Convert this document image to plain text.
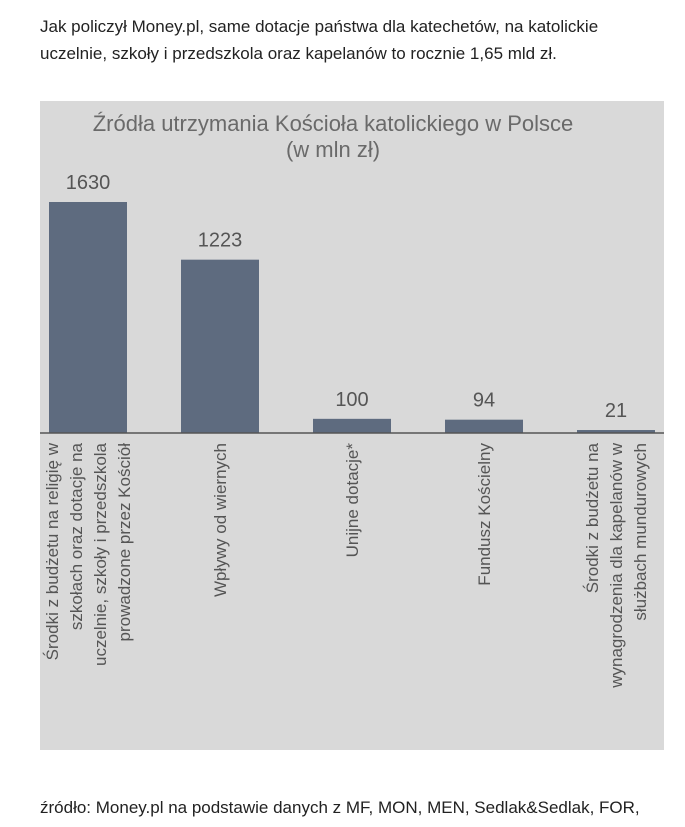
Jak policzył Money.pl, same dotacje państwa dla katechetów, na katolickie uczelnie, szkoły i przedszkola oraz kapelanów to rocznie 1,65 mld zł.

Źródła utrzymania Kościoła katolickiego w Polsce
(w mln zł)
1630
Środki z budżetu na religię w szkołach oraz dotacje na uczelnie, szkoły i przedszkola prowadzone przez Kościół
1223
Wpływy od wiernych
100
Unijne dotacje*
94
Fundusz Kościelny
21
Środki z budżetu na wynagrodzenia dla kapelanów w służbach mundurowych

źródło: Money.pl na podstawie danych z MF, MON, MEN, Sedlak&Sedlak, FOR,
